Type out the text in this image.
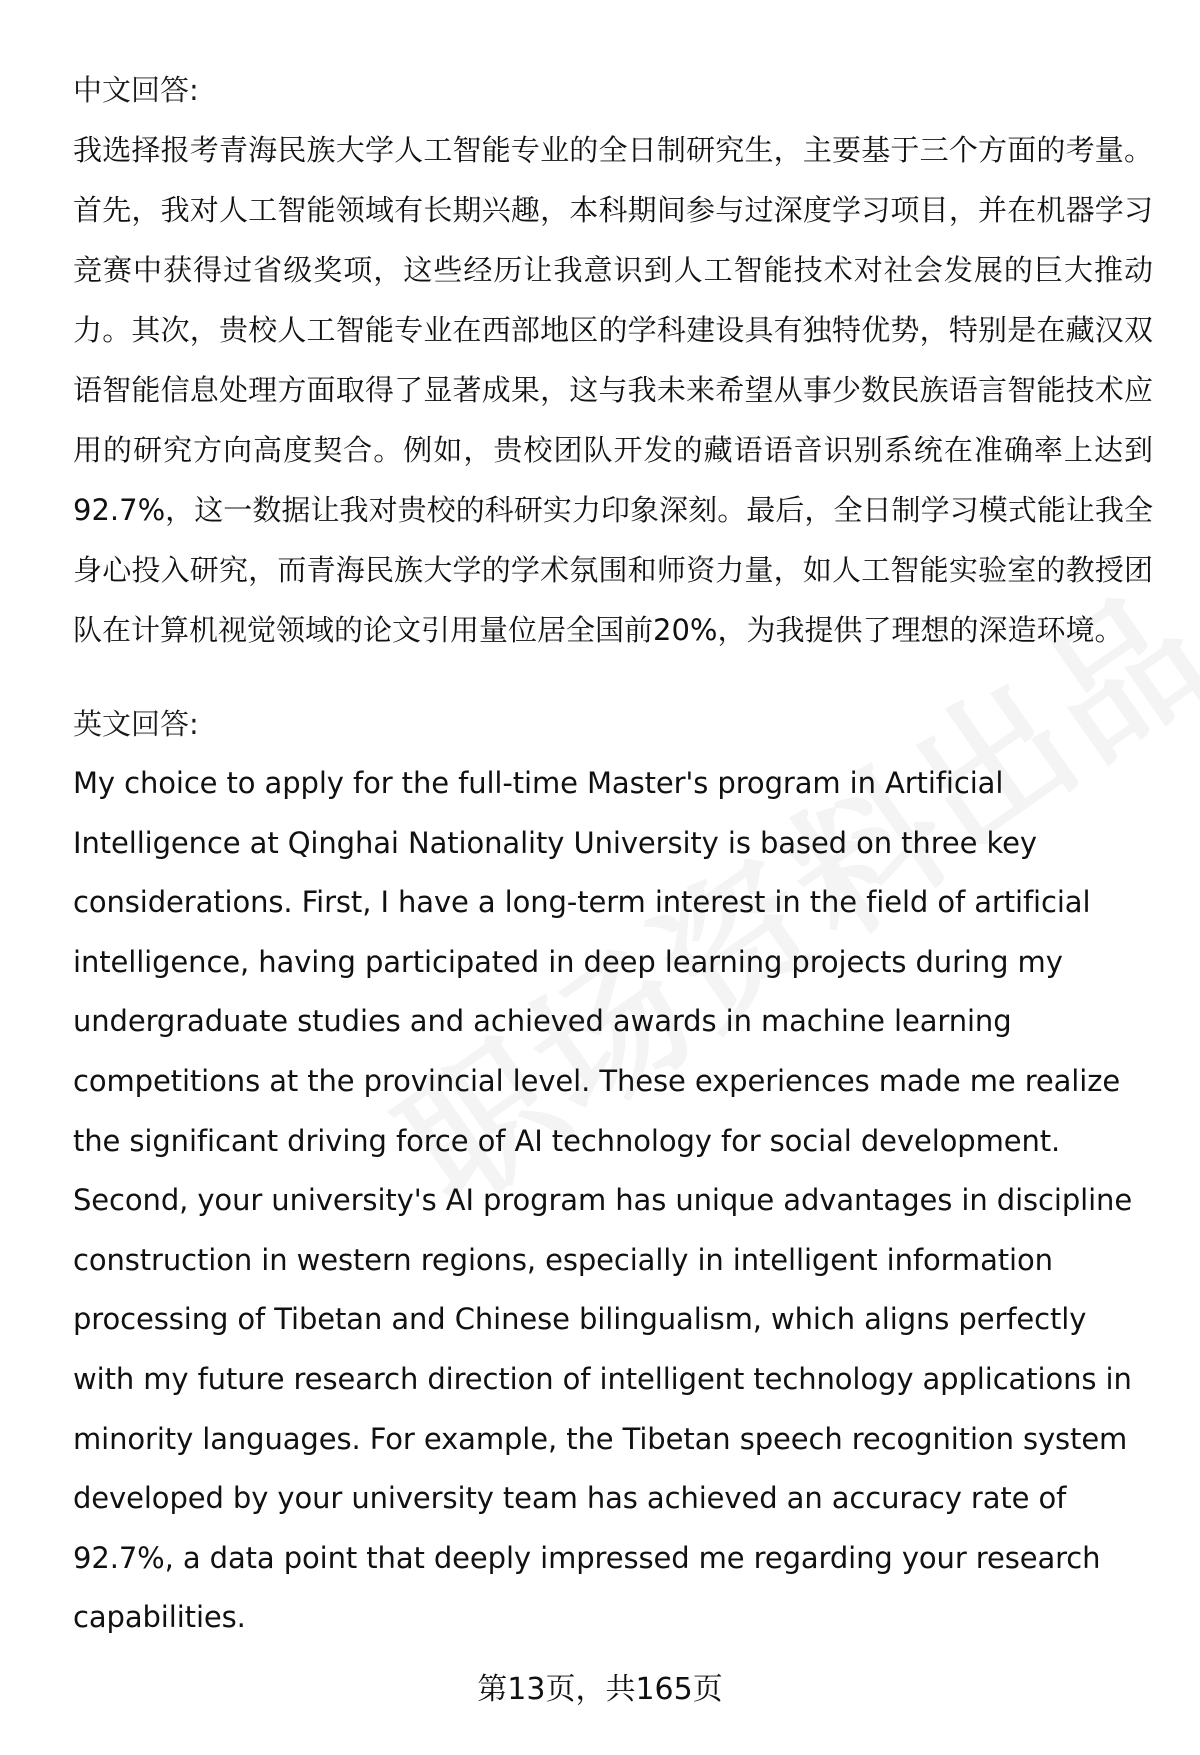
中文回答:

我选择报考青海民族大学人工智能专业的全日制研究生，主要基于三个方面的考量。首先，我对人工智能领域有长期兴趣，本科期间参与过深度学习项目，并在机器学习竞赛中获得过省级奖项，这些经历让我意识到人工智能技术对社会发展的巨大推动力。其次，贵校人工智能专业在西部地区的学科建设具有独特优势，特别是在藏汉双语智能信息处理方面取得了显著成果，这与我未来希望从事少数民族语言智能技术应用的研究方向高度契合。例如，贵校团队开发的藏语语音识别系统在准确率上达到92.7%，这一数据让我对贵校的科研实力印象深刻。最后，全日制学习模式能让我全身心投入研究，而青海民族大学的学术氛围和师资力量，如人工智能实验室的教授团队在计算机视觉领域的论文引用量位居全国前20%，为我提供了理想的深造环境。

英文回答:

My choice to apply for the full-time Master's program in Artificial Intelligence at Qinghai Nationality University is based on three key considerations. First, I have a long-term interest in the field of artificial intelligence, having participated in deep learning projects during my undergraduate studies and achieved awards in machine learning competitions at the provincial level. These experiences made me realize the significant driving force of AI technology for social development. Second, your university's AI program has unique advantages in discipline construction in western regions, especially in intelligent information processing of Tibetan and Chinese bilingualism, which aligns perfectly with my future research direction of intelligent technology applications in minority languages. For example, the Tibetan speech recognition system developed by your university team has achieved an accuracy rate of 92.7%, a data point that deeply impressed me regarding your research capabilities.

第13页，共165页
